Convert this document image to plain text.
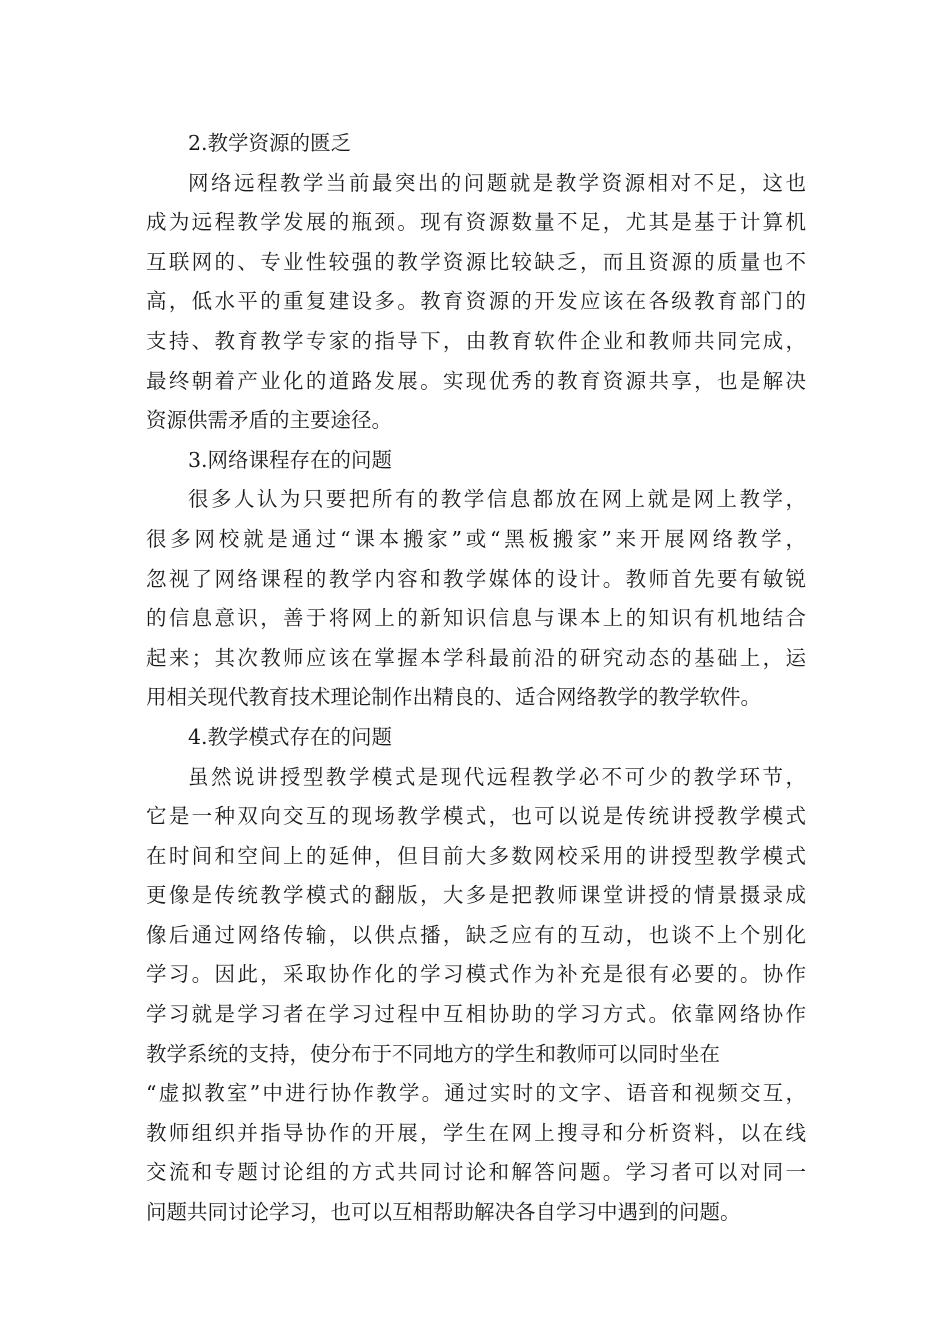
2.教学资源的匮乏

网络远程教学当前最突出的问题就是教学资源相对不足，这也
成为远程教学发展的瓶颈。现有资源数量不足，尤其是基于计算机
互联网的、专业性较强的教学资源比较缺乏，而且资源的质量也不
高，低水平的重复建设多。教育资源的开发应该在各级教育部门的
支持、教育教学专家的指导下，由教育软件企业和教师共同完成，
最终朝着产业化的道路发展。实现优秀的教育资源共享，也是解决
资源供需矛盾的主要途径。

3.网络课程存在的问题

很多人认为只要把所有的教学信息都放在网上就是网上教学，
很多网校就是通过“课本搬家”或“黑板搬家”来开展网络教学，
忽视了网络课程的教学内容和教学媒体的设计。教师首先要有敏锐
的信息意识，善于将网上的新知识信息与课本上的知识有机地结合
起来；其次教师应该在掌握本学科最前沿的研究动态的基础上，运
用相关现代教育技术理论制作出精良的、适合网络教学的教学软件。

4.教学模式存在的问题

虽然说讲授型教学模式是现代远程教学必不可少的教学环节，
它是一种双向交互的现场教学模式，也可以说是传统讲授教学模式
在时间和空间上的延伸，但目前大多数网校采用的讲授型教学模式
更像是传统教学模式的翻版，大多是把教师课堂讲授的情景摄录成
像后通过网络传输，以供点播，缺乏应有的互动，也谈不上个别化
学习。因此，采取协作化的学习模式作为补充是很有必要的。协作
学习就是学习者在学习过程中互相协助的学习方式。依靠网络协作
教学系统的支持，使分布于不同地方的学生和教师可以同时坐在
“虚拟教室”中进行协作教学。通过实时的文字、语音和视频交互，
教师组织并指导协作的开展，学生在网上搜寻和分析资料，以在线
交流和专题讨论组的方式共同讨论和解答问题。学习者可以对同一
问题共同讨论学习，也可以互相帮助解决各自学习中遇到的问题。
